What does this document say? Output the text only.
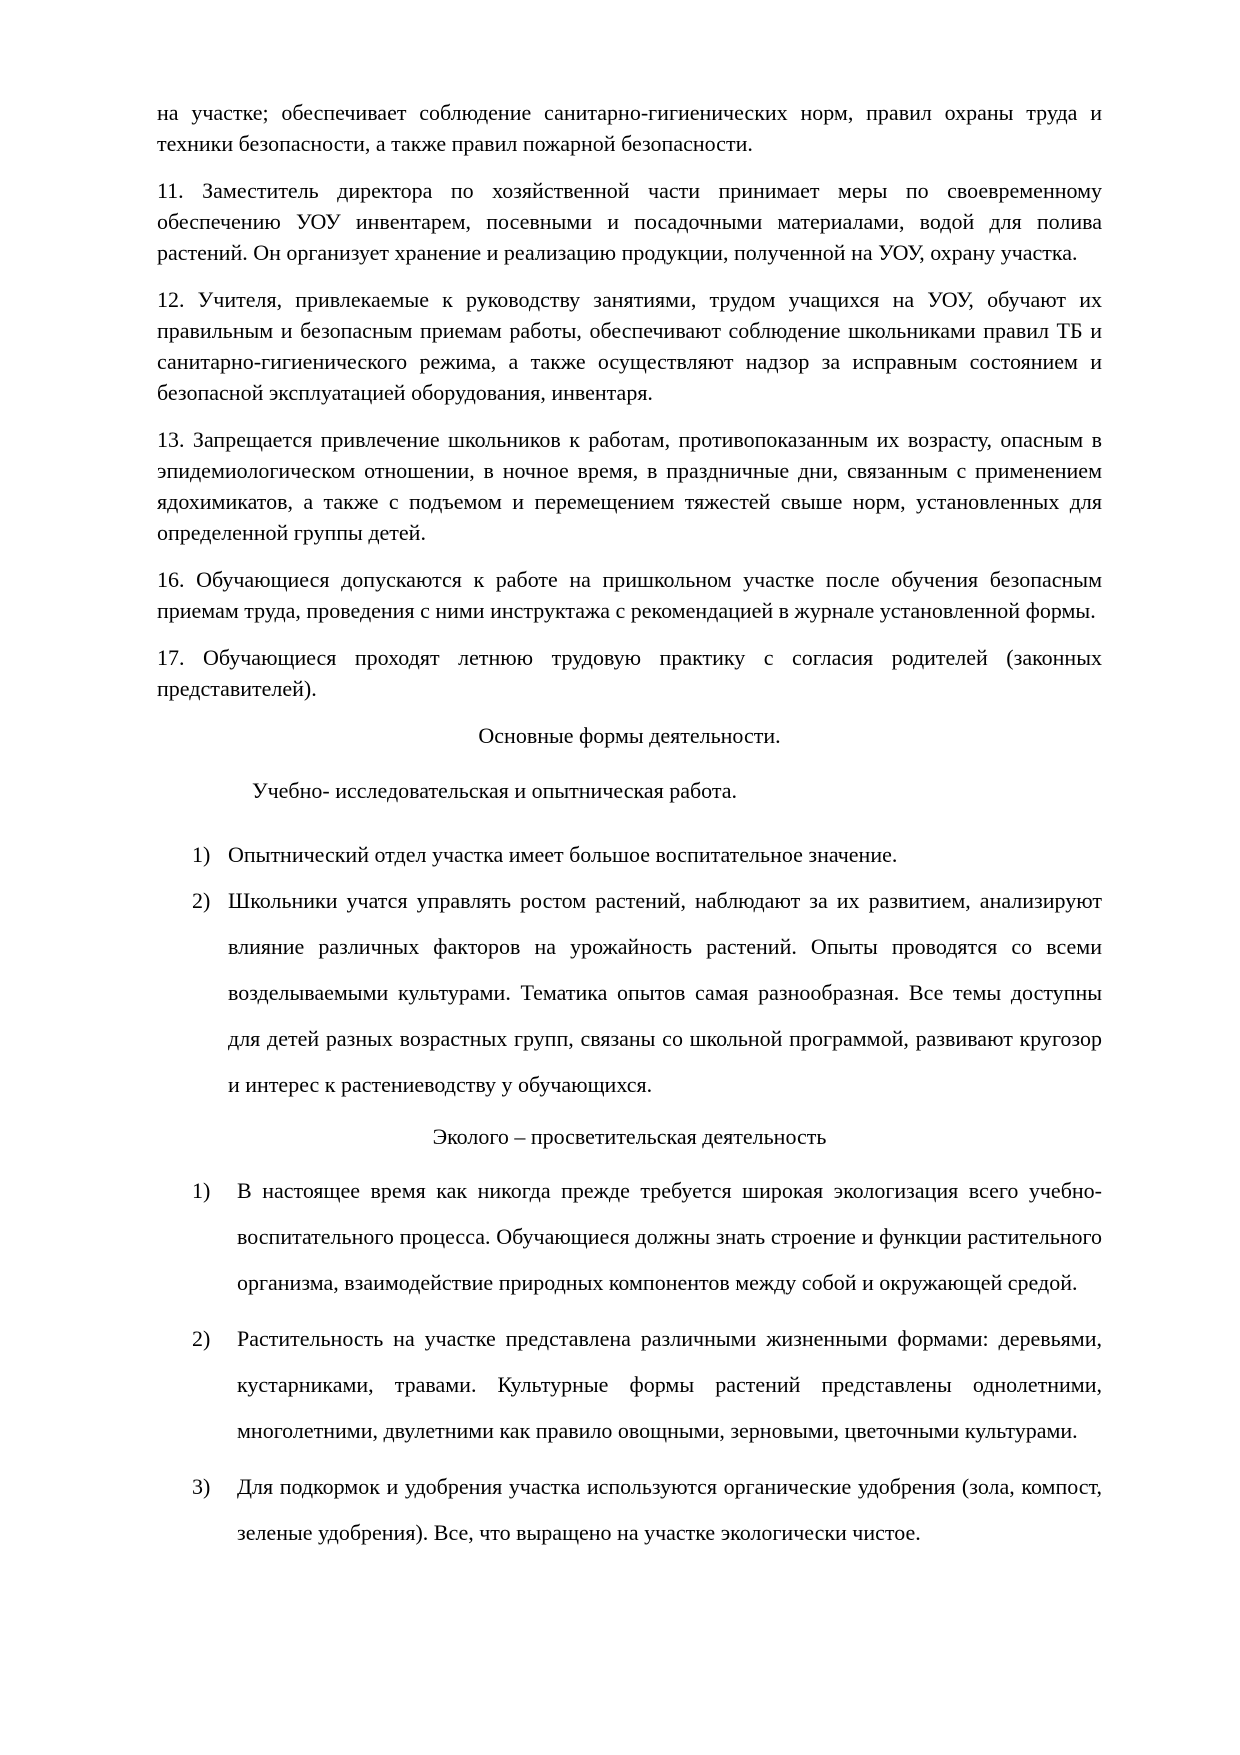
на участке; обеспечивает соблюдение санитарно-гигиенических норм, правил охраны труда и техники безопасности, а также правил пожарной безопасности.

11. Заместитель директора по хозяйственной части принимает меры по своевременному обеспечению УОУ инвентарем, посевными и посадочными материалами, водой для полива растений. Он организует хранение и реализацию продукции, полученной на УОУ, охрану участка.

12. Учителя, привлекаемые к руководству занятиями, трудом учащихся на УОУ, обучают их правильным и безопасным приемам работы, обеспечивают соблюдение школьниками правил ТБ и санитарно-гигиенического режима, а также осуществляют надзор за исправным состоянием и безопасной эксплуатацией оборудования, инвентаря.

13. Запрещается привлечение школьников к работам, противопоказанным их возрасту, опасным в эпидемиологическом отношении, в ночное время, в праздничные дни, связанным с применением ядохимикатов, а также с подъемом и перемещением тяжестей свыше норм, установленных для определенной группы детей.

16. Обучающиеся допускаются к работе на пришкольном участке после обучения безопасным приемам труда, проведения с ними инструктажа с рекомендацией в журнале установленной формы.

17. Обучающиеся проходят летнюю трудовую практику с согласия родителей (законных представителей).

Основные формы деятельности.
Учебно- исследовательская и опытническая работа.
1) Опытнический отдел участка имеет большое воспитательное значение.
2) Школьники учатся управлять ростом растений, наблюдают за их развитием, анализируют влияние различных факторов на урожайность растений. Опыты проводятся со всеми возделываемыми культурами. Тематика опытов самая разнообразная. Все темы доступны для детей разных возрастных групп, связаны со школьной программой, развивают кругозор и интерес к растениеводству у обучающихся.
Эколого – просветительская деятельность
1)	В настоящее время как никогда прежде требуется широкая экологизация всего учебно- воспитательного процесса. Обучающиеся должны знать строение и функции растительного организма, взаимодействие природных компонентов между собой и окружающей средой.
2)	Растительность на участке представлена различными жизненными формами: деревьями, кустарниками, травами. Культурные формы растений представлены однолетними, многолетними, двулетними как правило овощными, зерновыми, цветочными культурами.
3)	Для подкормок и удобрения участка используются органические удобрения (зола, компост, зеленые удобрения). Все, что выращено на участке экологически чистое.
